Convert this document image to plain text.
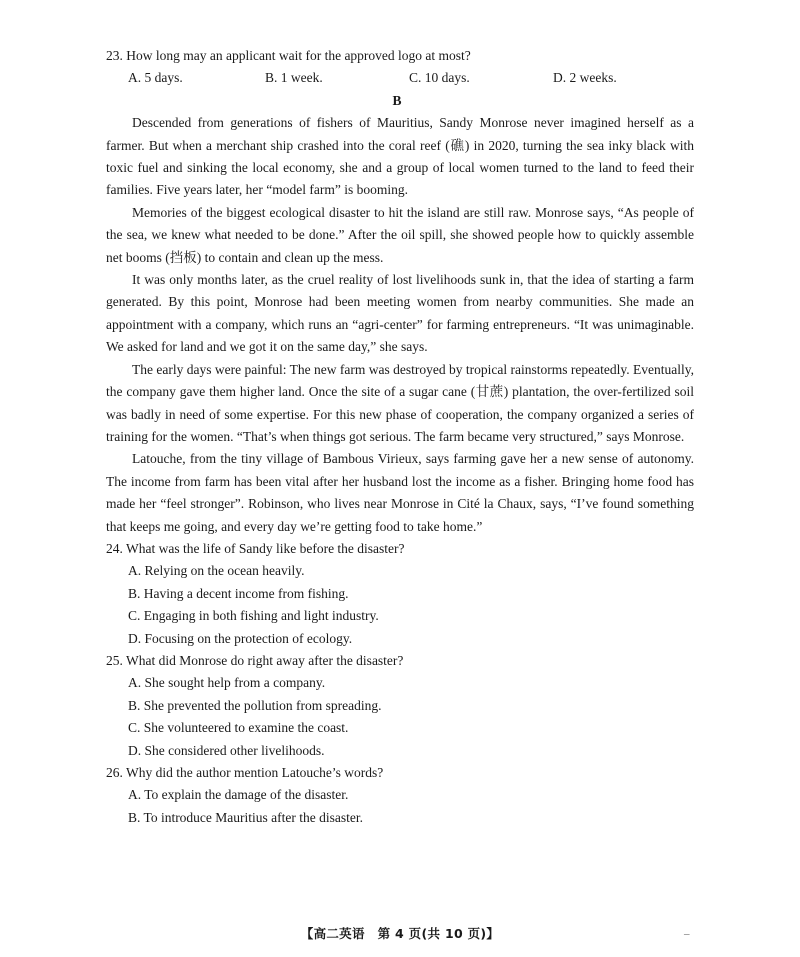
23. How long may an applicant wait for the approved logo at most?

A. 5 days.	B. 1 week.	C. 10 days.	D. 2 weeks.

B

Descended from generations of fishers of Mauritius, Sandy Monrose never imagined herself as a farmer. But when a merchant ship crashed into the coral reef (礁) in 2020, turning the sea inky black with toxic fuel and sinking the local economy, she and a group of local women turned to the land to feed their families. Five years later, her “model farm” is booming.

Memories of the biggest ecological disaster to hit the island are still raw. Monrose says, “As people of the sea, we knew what needed to be done.” After the oil spill, she showed people how to quickly assemble net booms (挡板) to contain and clean up the mess.

It was only months later, as the cruel reality of lost livelihoods sunk in, that the idea of starting a farm generated. By this point, Monrose had been meeting women from nearby communities. She made an appointment with a company, which runs an “agri-center” for farming entrepreneurs. “It was unimaginable. We asked for land and we got it on the same day,” she says.

The early days were painful: The new farm was destroyed by tropical rainstorms repeatedly. Eventually, the company gave them higher land. Once the site of a sugar cane (甘蔗) plantation, the over-fertilized soil was badly in need of some expertise. For this new phase of cooperation, the company organized a series of training for the women. “That’s when things got serious. The farm became very structured,” says Monrose.

Latouche, from the tiny village of Bambous Virieux, says farming gave her a new sense of autonomy. The income from farm has been vital after her husband lost the income as a fisher. Bringing home food has made her “feel stronger”. Robinson, who lives near Monrose in Cité la Chaux, says, “I’ve found something that keeps me going, and every day we’re getting food to take home.”

24. What was the life of Sandy like before the disaster?

A. Relying on the ocean heavily.

B. Having a decent income from fishing.

C. Engaging in both fishing and light industry.

D. Focusing on the protection of ecology.

25. What did Monrose do right away after the disaster?

A. She sought help from a company.

B. She prevented the pollution from spreading.

C. She volunteered to examine the coast.

D. She considered other livelihoods.

26. Why did the author mention Latouche’s words?

A. To explain the damage of the disaster.

B. To introduce Mauritius after the disaster.

【高二英语　第 4 页(共 10 页)】	–
